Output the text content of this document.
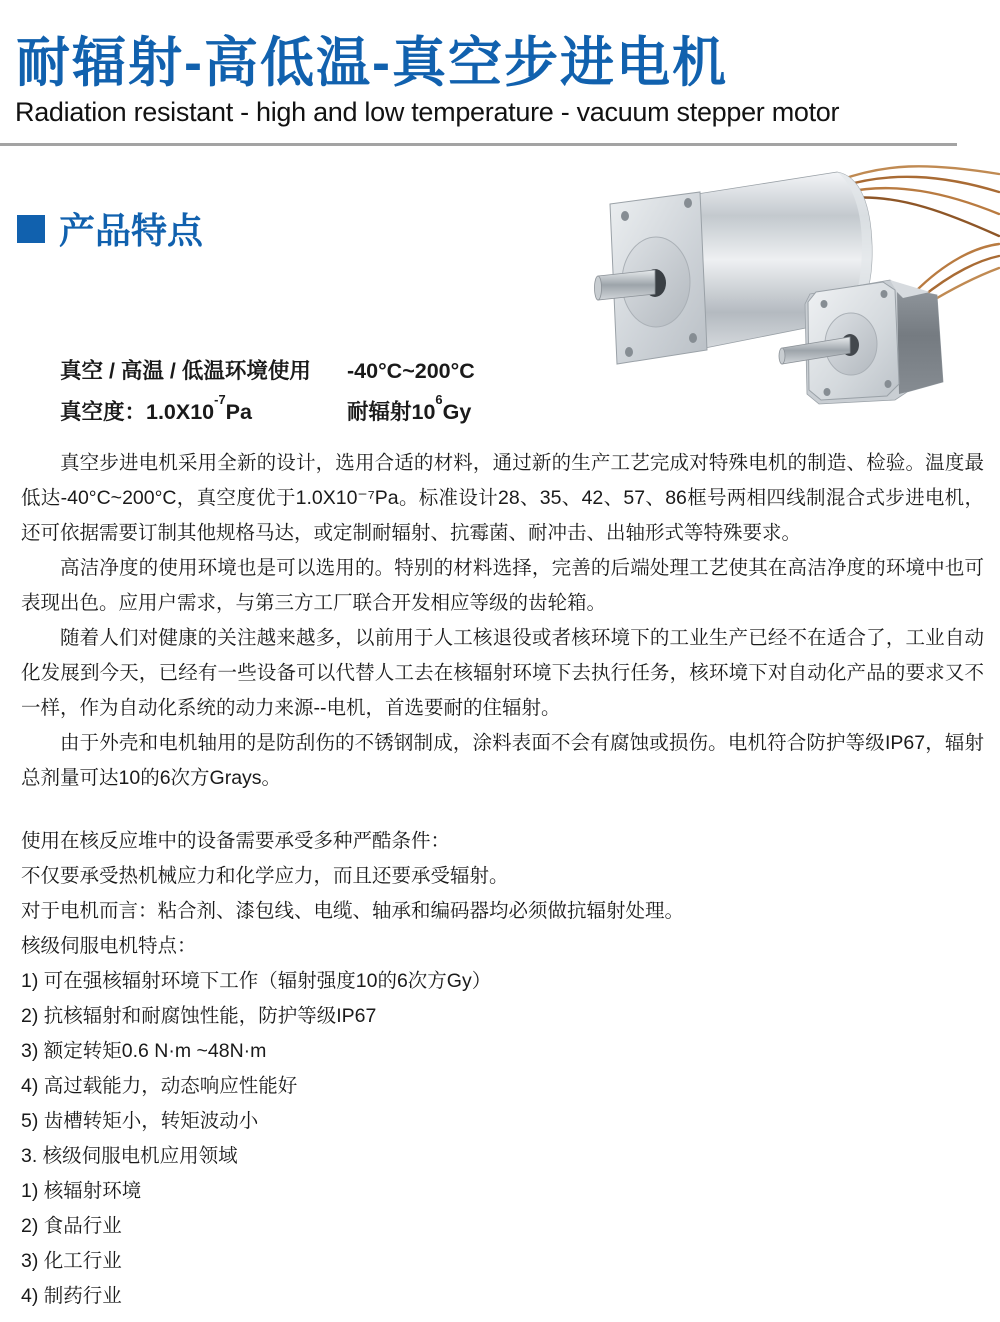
耐辐射-高低温-真空步进电机
Radiation resistant - high and low temperature - vacuum stepper motor
产品特点
真空 / 高温 / 低温环境使用	-40°C~200°C
真空度：$1.0X10^{-7}Pa$	耐辐射$10^6Gy$

真空步进电机采用全新的设计，选用合适的材料，通过新的生产工艺完成对特殊电机的制造、检验。温度最低达-40°C~200°C，真空度优于1.0X10⁻⁷Pa。标准设计28、35、42、57、86框号两相四线制混合式步进电机，还可依据需要订制其他规格马达，或定制耐辐射、抗霉菌、耐冲击、出轴形式等特殊要求。

高洁净度的使用环境也是可以选用的。特别的材料选择，完善的后端处理工艺使其在高洁净度的环境中也可表现出色。应用户需求，与第三方工厂联合开发相应等级的齿轮箱。

随着人们对健康的关注越来越多，以前用于人工核退役或者核环境下的工业生产已经不在适合了，工业自动化发展到今天，已经有一些设备可以代替人工去在核辐射环境下去执行任务，核环境下对自动化产品的要求又不一样，作为自动化系统的动力来源--电机，首选要耐的住辐射。

由于外壳和电机轴用的是防刮伤的不锈钢制成，涂料表面不会有腐蚀或损伤。电机符合防护等级IP67，辐射总剂量可达10的6次方Grays。

使用在核反应堆中的设备需要承受多种严酷条件：
不仅要承受热机械应力和化学应力，而且还要承受辐射。
对于电机而言：粘合剂、漆包线、电缆、轴承和编码器均必须做抗辐射处理。
核级伺服电机特点：
1) 可在强核辐射环境下工作（辐射强度10的6次方Gy）
2) 抗核辐射和耐腐蚀性能，防护等级IP67
3) 额定转矩0.6 N·m ~48N·m
4) 高过载能力，动态响应性能好
5) 齿槽转矩小，转矩波动小
3. 核级伺服电机应用领域
1) 核辐射环境
2) 食品行业
3) 化工行业
4) 制药行业
